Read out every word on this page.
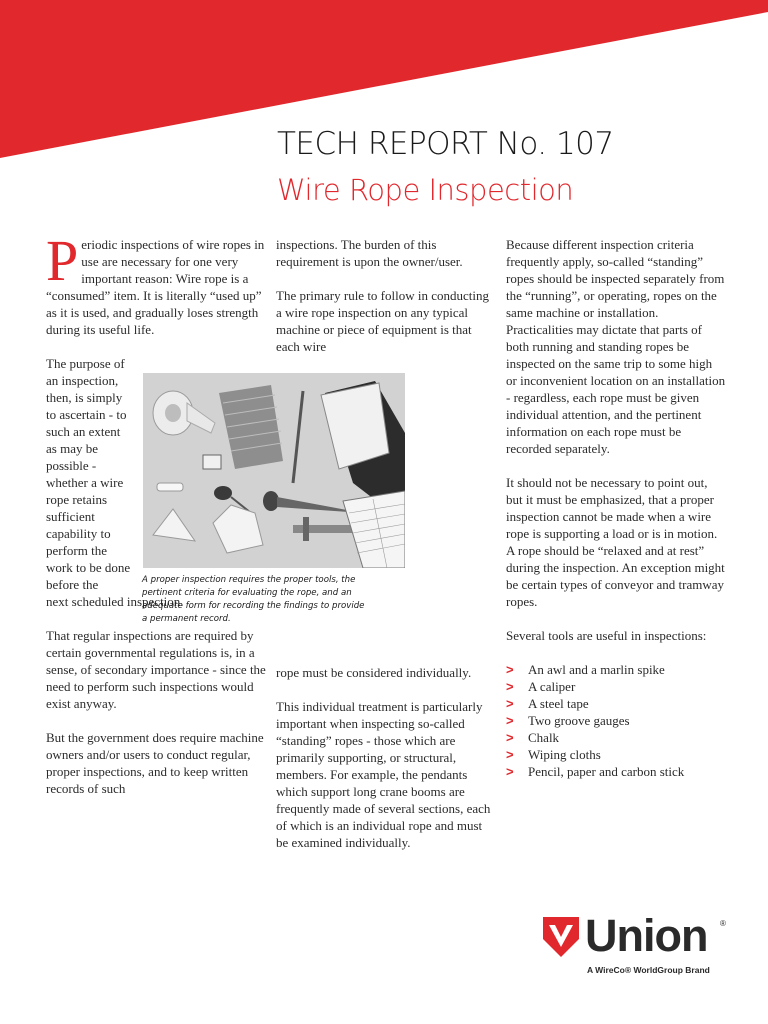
TECH REPORT No. 107
Wire Rope Inspection

Periodic inspections of wire ropes in use are necessary for one very important reason: Wire rope is a “consumed” item. It is literally “used up” as it is used, and gradually loses strength during its useful life.

The purpose of an inspection, then, is simply to ascertain - to such an extent as may be possible - whether a wire rope retains sufficient capability to perform the work to be done before the

next scheduled inspection.

That regular inspections are required by certain governmental regulations is, in a sense, of secondary importance - since the need to perform such inspections would exist anyway.

But the government does require machine owners and/or users to conduct regular, proper inspections, and to keep written records of such

inspections. The burden of this requirement is upon the owner/user.

The primary rule to follow in conducting a wire rope inspection on any typical machine or piece of equipment is that each wire

rope must be considered individually.

This individual treatment is particularly important when inspecting so-called “standing” ropes - those which are primarily supporting, or structural, members. For example, the pendants which support long crane booms are frequently made of several sections, each of which is an individual rope and must be examined individually.

Because different inspection criteria frequently apply, so-called “standing” ropes should be inspected separately from the “running”, or operating, ropes on the same machine or installation. Practicalities may dictate that parts of both running and standing ropes be inspected on the same trip to some high or inconvenient location on an installation - regardless, each rope must be given individual attention, and the pertinent information on each rope must be recorded separately.

It should not be necessary to point out, but it must be emphasized, that a proper inspection cannot be made when a wire rope is supporting a load or is in motion. A rope should be “relaxed and at rest” during the inspection. An exception might be certain types of conveyor and tramway ropes.

Several tools are useful in inspections:

> An awl and a marlin spike
> A caliper
> A steel tape
> Two groove gauges
> Chalk
> Wiping cloths
> Pencil, paper and carbon stick
A proper inspection requires the proper tools, the pertinent criteria for evaluating the rope, and an adequate form for recording the findings to provide a permanent record.
Union ®
A WireCo® WorldGroup Brand
